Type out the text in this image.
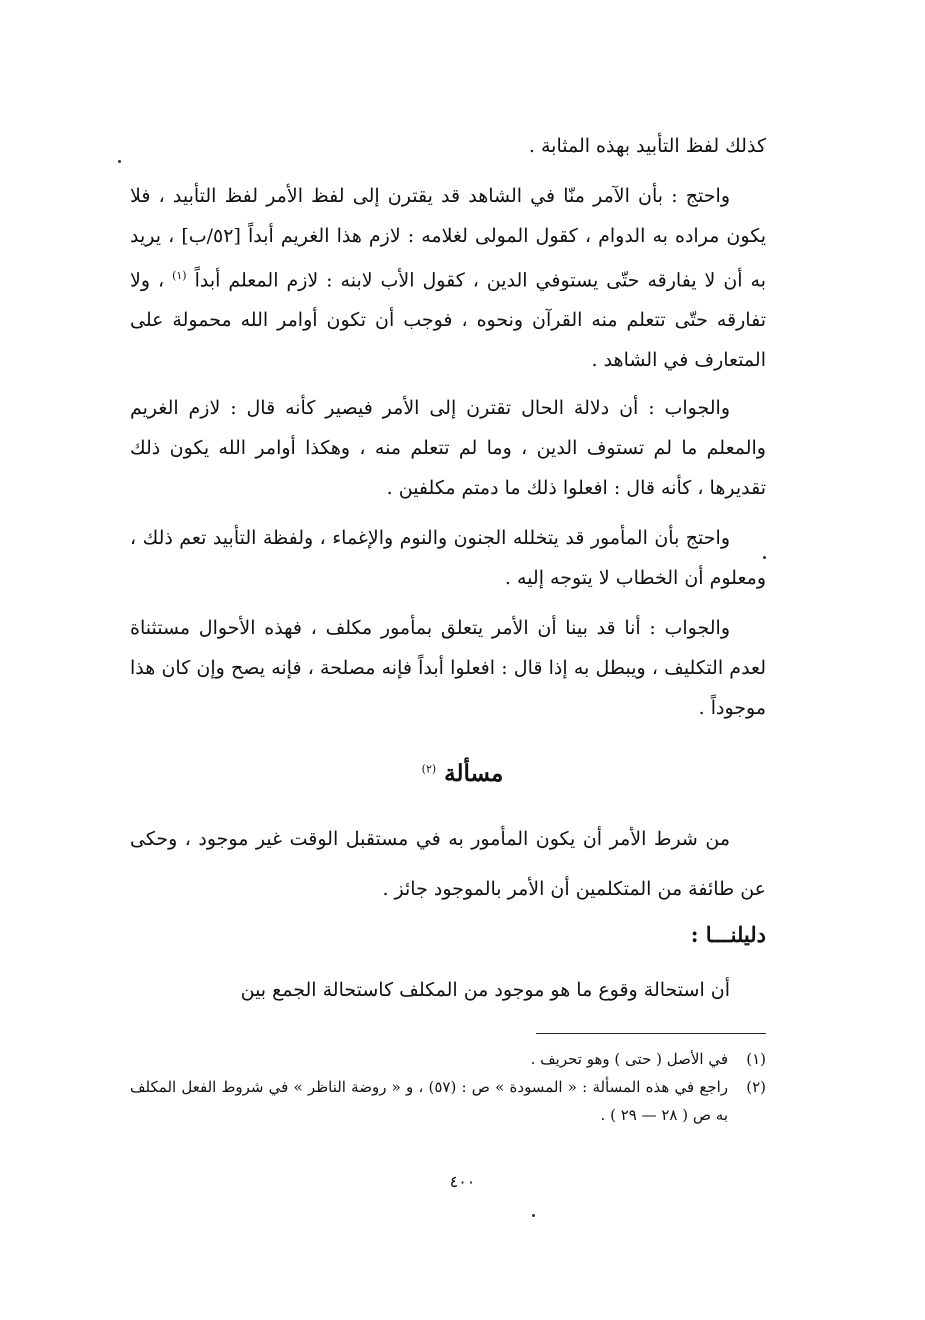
كذلك لفظ التأبيد بهذه المثابة .

واحتج : بأن الآمر منّا في الشاهد قد يقترن إلى لفظ الأمر لفظ التأبيد ، فلا يكون مراده به الدوام ، كقول المولى لغلامه : لازم هذا الغريم أبداً [٥٢/ب] ، يريد به أن لا يفارقه حتّى يستوفي الدين ، كقول الأب لابنه : لازم المعلم أبداً $^{(١)}$ ، ولا تفارقه حتّى تتعلم منه القرآن ونحوه ، فوجب أن تكون أوامر الله محمولة على المتعارف في الشاهد .

والجواب : أن دلالة الحال تقترن إلى الأمر فيصير كأنه قال : لازم الغريم والمعلم ما لم تستوف الدين ، وما لم تتعلم منه ، وهكذا أوامر الله يكون ذلك تقديرها ، كأنه قال : افعلوا ذلك ما دمتم مكلفين .

واحتج بأن المأمور قد يتخلله الجنون والنوم والإغماء ، ولفظة التأبيد تعم ذلك ، ومعلوم أن الخطاب لا يتوجه إليه .

والجواب : أنا قد بينا أن الأمر يتعلق بمأمور مكلف ، فهذه الأحوال مستثناة لعدم التكليف ، ويبطل به إذا قال : افعلوا أبداً فإنه مصلحة ، فإنه يصح وإن كان هذا موجوداً .

مسألة $^{(٢)}$

من شرط الأمر أن يكون المأمور به في مستقبل الوقت غير موجود ، وحكى عن طائفة من المتكلمين أن الأمر بالموجود جائز .

دليلنـــا :

أن استحالة وقوع ما هو موجود من المكلف كاستحالة الجمع بين

(١)
في الأصل ( حتى ) وهو تحريف .
(٢)
راجع في هذه المسألة : « المسودة » ص : (٥٧) ، و « روضة الناظر » في شروط الفعل المكلف به ص ( ٢٨ — ٢٩ ) .
٤٠٠
